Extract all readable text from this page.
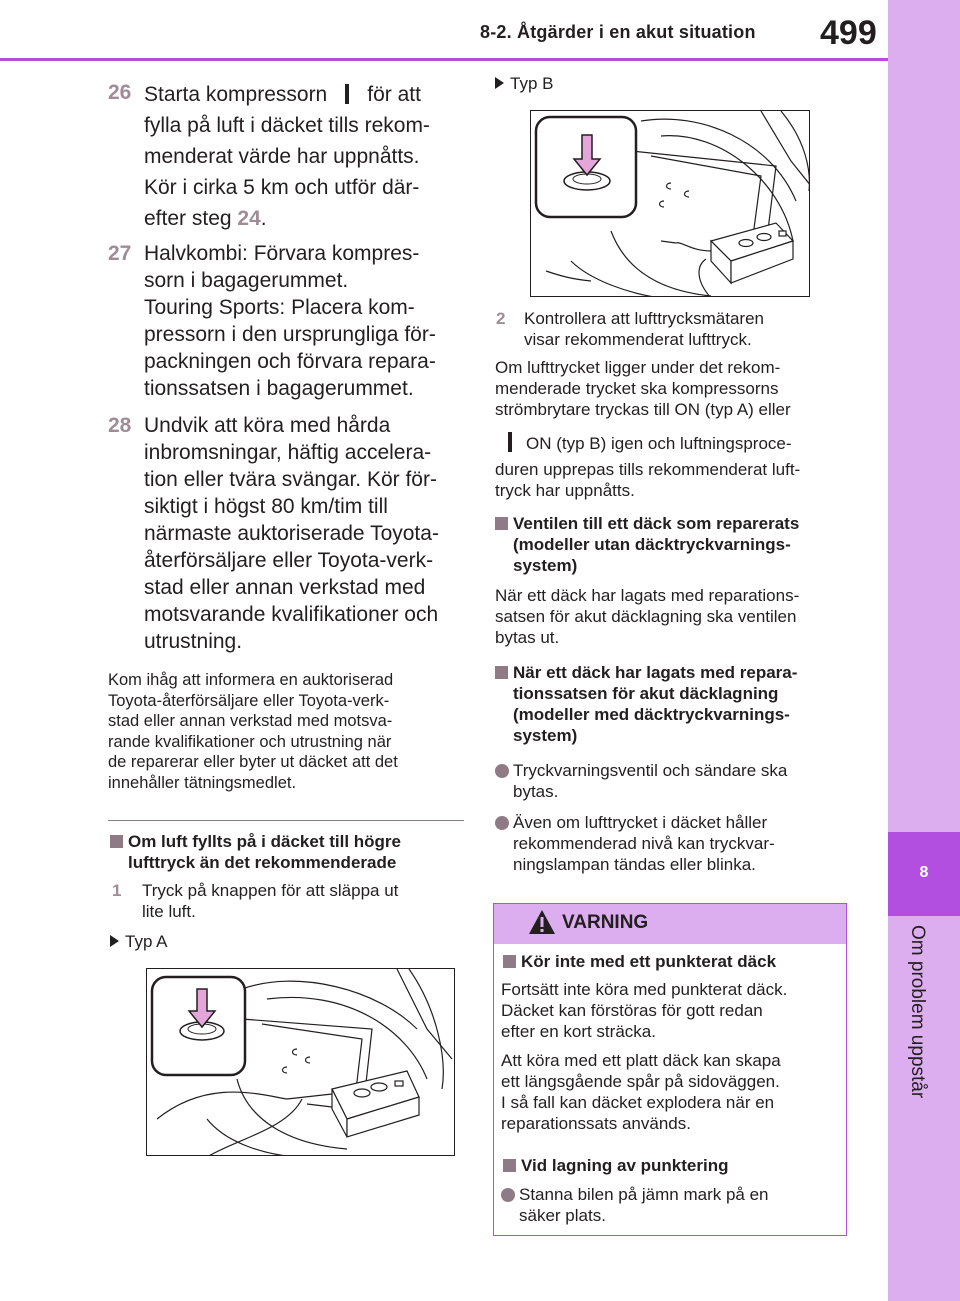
8-2. Åtgärder i en akut situation 499
8
Om problem uppstår
26 Starta kompressorn för att
fylla på luft i däcket tills rekom-
menderat värde har uppnåtts.
Kör i cirka 5 km och utför där-
efter steg 24.
27 Halvkombi: Förvara kompres-
sorn i bagagerummet.
Touring Sports: Placera kom-
pressorn i den ursprungliga för-
packningen och förvara repara-
tionssatsen i bagagerummet.
28 Undvik att köra med hårda
inbromsningar, häftig accelera-
tion eller tvära svängar. Kör för-
siktigt i högst 80 km/tim till
närmaste auktoriserade Toyota-
återförsäljare eller Toyota-verk-
stad eller annan verkstad med
motsvarande kvalifikationer och
utrustning.
Kom ihåg att informera en auktoriserad
Toyota-återförsäljare eller Toyota-verk-
stad eller annan verkstad med motsva-
rande kvalifikationer och utrustning när
de reparerar eller byter ut däcket att det
innehåller tätningsmedlet.
Om luft fyllts på i däcket till högre
lufttryck än det rekommenderade
1 Tryck på knappen för att släppa ut
lite luft.
Typ A
Typ B
2 Kontrollera att lufttrycksmätaren
visar rekommenderat lufttryck.
Om lufttrycket ligger under det rekom-
menderade trycket ska kompressorns
strömbrytare tryckas till ON (typ A) eller
ON (typ B) igen och luftningsproce-
duren upprepas tills rekommenderat luft-
tryck har uppnåtts.
Ventilen till ett däck som reparerats
(modeller utan däcktryckvarnings-
system)
När ett däck har lagats med reparations-
satsen för akut däcklagning ska ventilen
bytas ut.
När ett däck har lagats med repara-
tionssatsen för akut däcklagning
(modeller med däcktryckvarnings-
system)
Tryckvarningsventil och sändare ska
bytas.
Även om lufttrycket i däcket håller
rekommenderad nivå kan tryckvar-
ningslampan tändas eller blinka.
VARNING
Kör inte med ett punkterat däck
Fortsätt inte köra med punkterat däck.
Däcket kan förstöras för gott redan
efter en kort sträcka.
Att köra med ett platt däck kan skapa
ett längsgående spår på sidoväggen.
I så fall kan däcket explodera när en
reparationssats används.
Vid lagning av punktering
Stanna bilen på jämn mark på en
säker plats.
